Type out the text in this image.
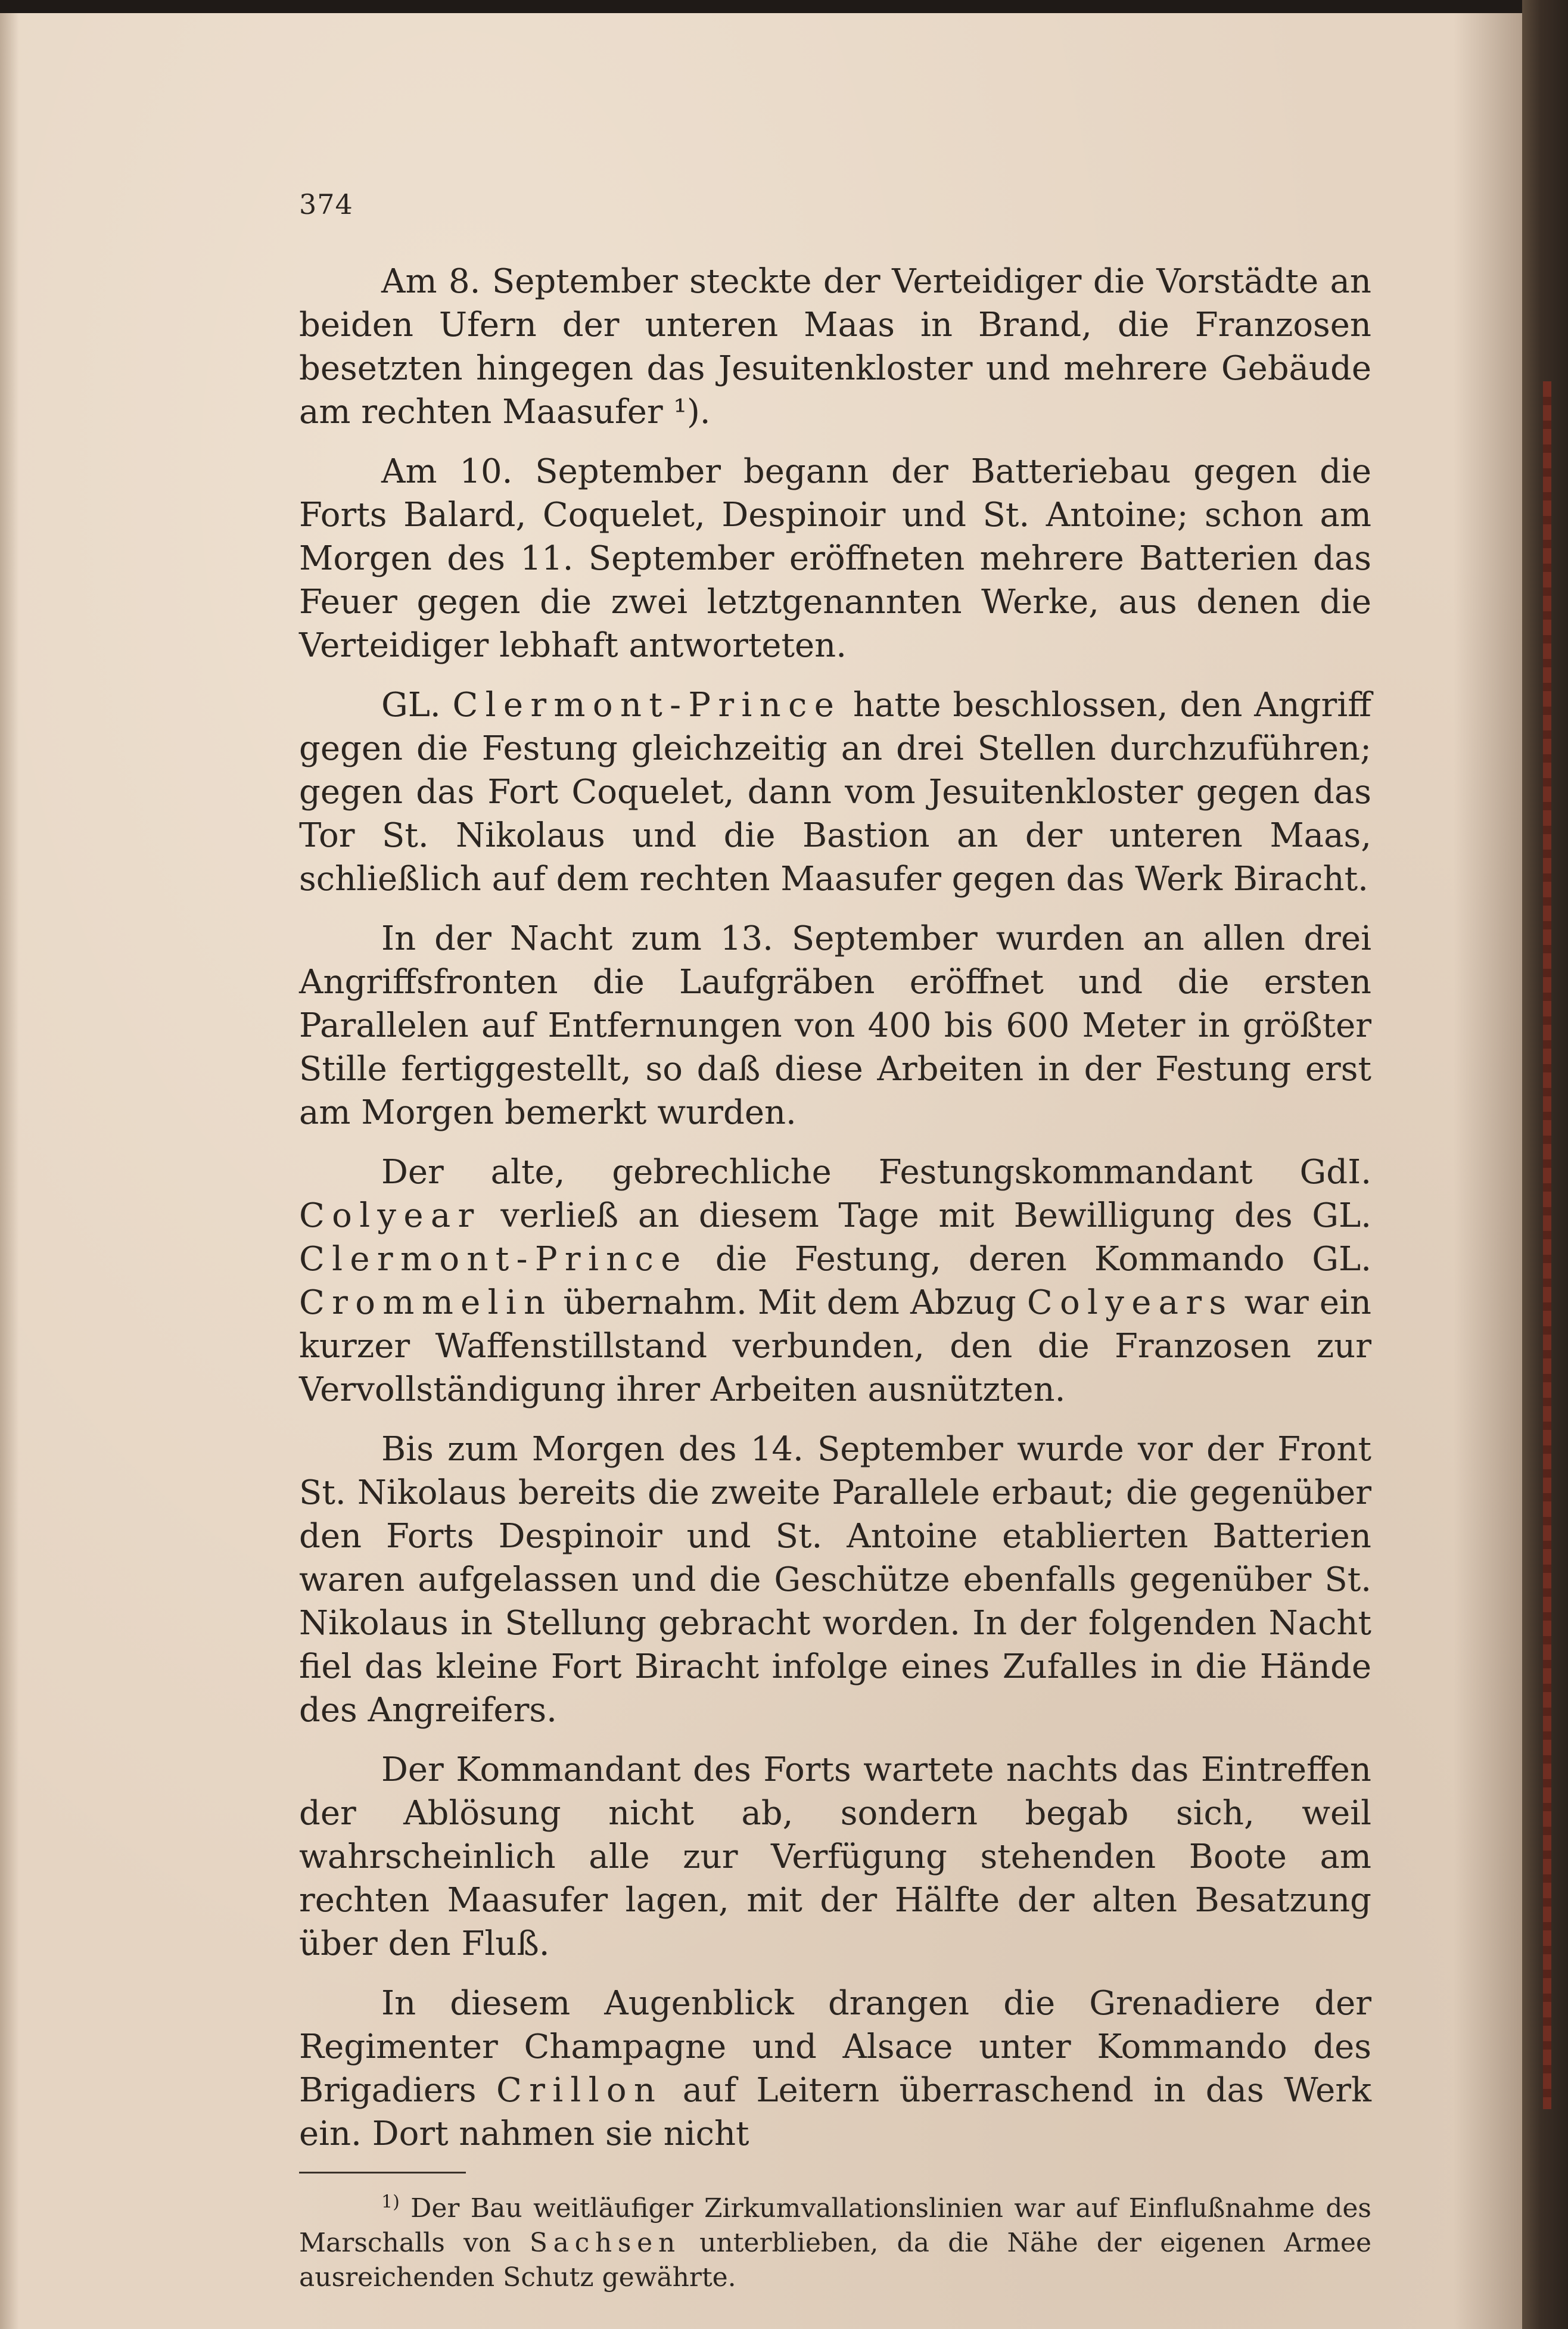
374

Am 8. September steckte der Verteidiger die Vorstädte an beiden Ufern der unteren Maas in Brand, die Franzosen besetzten hingegen das Jesuitenkloster und mehrere Gebäude am rechten Maasufer ¹).

Am 10. September begann der Batteriebau gegen die Forts Balard, Coquelet, Despinoir und St. Antoine; schon am Morgen des 11. September eröffneten mehrere Batterien das Feuer gegen die zwei letztgenannten Werke, aus denen die Verteidiger lebhaft antworteten.

GL. Clermont-Prince hatte beschlossen, den Angriff gegen die Festung gleichzeitig an drei Stellen durchzuführen; gegen das Fort Coquelet, dann vom Jesuitenkloster gegen das Tor St. Nikolaus und die Bastion an der unteren Maas, schließlich auf dem rechten Maasufer gegen das Werk Biracht.

In der Nacht zum 13. September wurden an allen drei Angriffsfronten die Laufgräben eröffnet und die ersten Parallelen auf Entfernungen von 400 bis 600 Meter in größter Stille fertiggestellt, so daß diese Arbeiten in der Festung erst am Morgen bemerkt wurden.

Der alte, gebrechliche Festungskommandant GdI. Colyear verließ an diesem Tage mit Bewilligung des GL. Clermont-Prince die Festung, deren Kommando GL. Crommelin übernahm. Mit dem Abzug Colyears war ein kurzer Waffenstillstand verbunden, den die Franzosen zur Vervollständigung ihrer Arbeiten ausnützten.

Bis zum Morgen des 14. September wurde vor der Front St. Nikolaus bereits die zweite Parallele erbaut; die gegenüber den Forts Despinoir und St. Antoine etablierten Batterien waren aufgelassen und die Geschütze ebenfalls gegenüber St. Nikolaus in Stellung gebracht worden. In der folgenden Nacht fiel das kleine Fort Biracht infolge eines Zufalles in die Hände des Angreifers.

Der Kommandant des Forts wartete nachts das Eintreffen der Ablösung nicht ab, sondern begab sich, weil wahrscheinlich alle zur Verfügung stehenden Boote am rechten Maasufer lagen, mit der Hälfte der alten Besatzung über den Fluß.

In diesem Augenblick drangen die Grenadiere der Regimenter Champagne und Alsace unter Kommando des Brigadiers Crillon auf Leitern überraschend in das Werk ein. Dort nahmen sie nicht

$^{1)}$ Der Bau weitläufiger Zirkumvallationslinien war auf Einflußnahme des Marschalls von Sachsen unterblieben, da die Nähe der eigenen Armee ausreichenden Schutz gewährte.
